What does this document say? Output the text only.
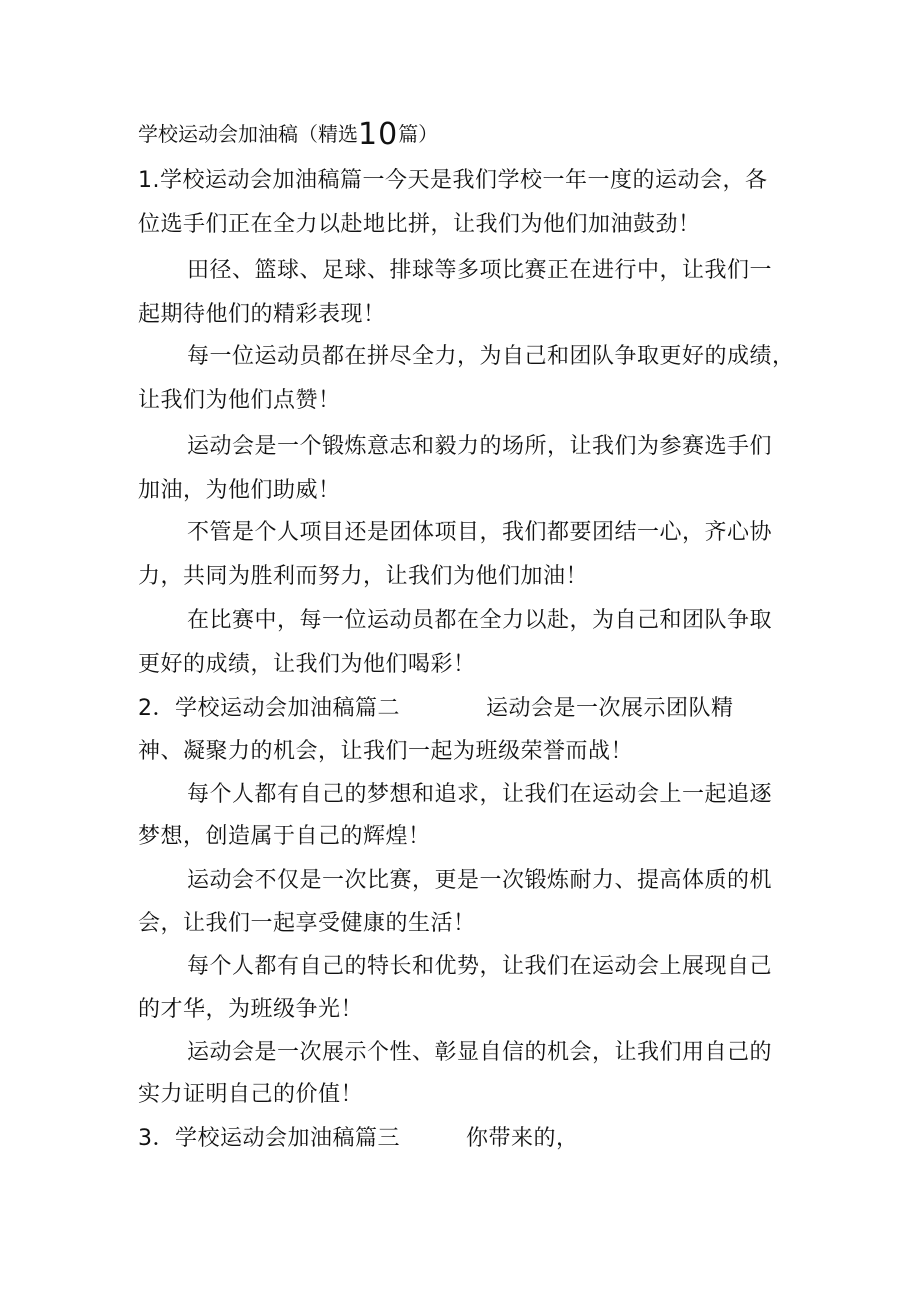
学校运动会加油稿（精选10篇）
1.学校运动会加油稿篇一今天是我们学校一年一度的运动会，各
位选手们正在全力以赴地比拼，让我们为他们加油鼓劲！
田径、篮球、足球、排球等多项比赛正在进行中，让我们一
起期待他们的精彩表现！
每一位运动员都在拼尽全力，为自己和团队争取更好的成绩，
让我们为他们点赞！
运动会是一个锻炼意志和毅力的场所，让我们为参赛选手们
加油，为他们助威！
不管是个人项目还是团体项目，我们都要团结一心，齐心协
力，共同为胜利而努力，让我们为他们加油！
在比赛中，每一位运动员都在全力以赴，为自己和团队争取
更好的成绩，让我们为他们喝彩！
2．学校运动会加油稿篇二	运动会是一次展示团队精
神、凝聚力的机会，让我们一起为班级荣誉而战！
每个人都有自己的梦想和追求，让我们在运动会上一起追逐
梦想，创造属于自己的辉煌！
运动会不仅是一次比赛，更是一次锻炼耐力、提高体质的机
会，让我们一起享受健康的生活！
每个人都有自己的特长和优势，让我们在运动会上展现自己
的才华，为班级争光！
运动会是一次展示个性、彰显自信的机会，让我们用自己的
实力证明自己的价值！
3．学校运动会加油稿篇三	你带来的，
